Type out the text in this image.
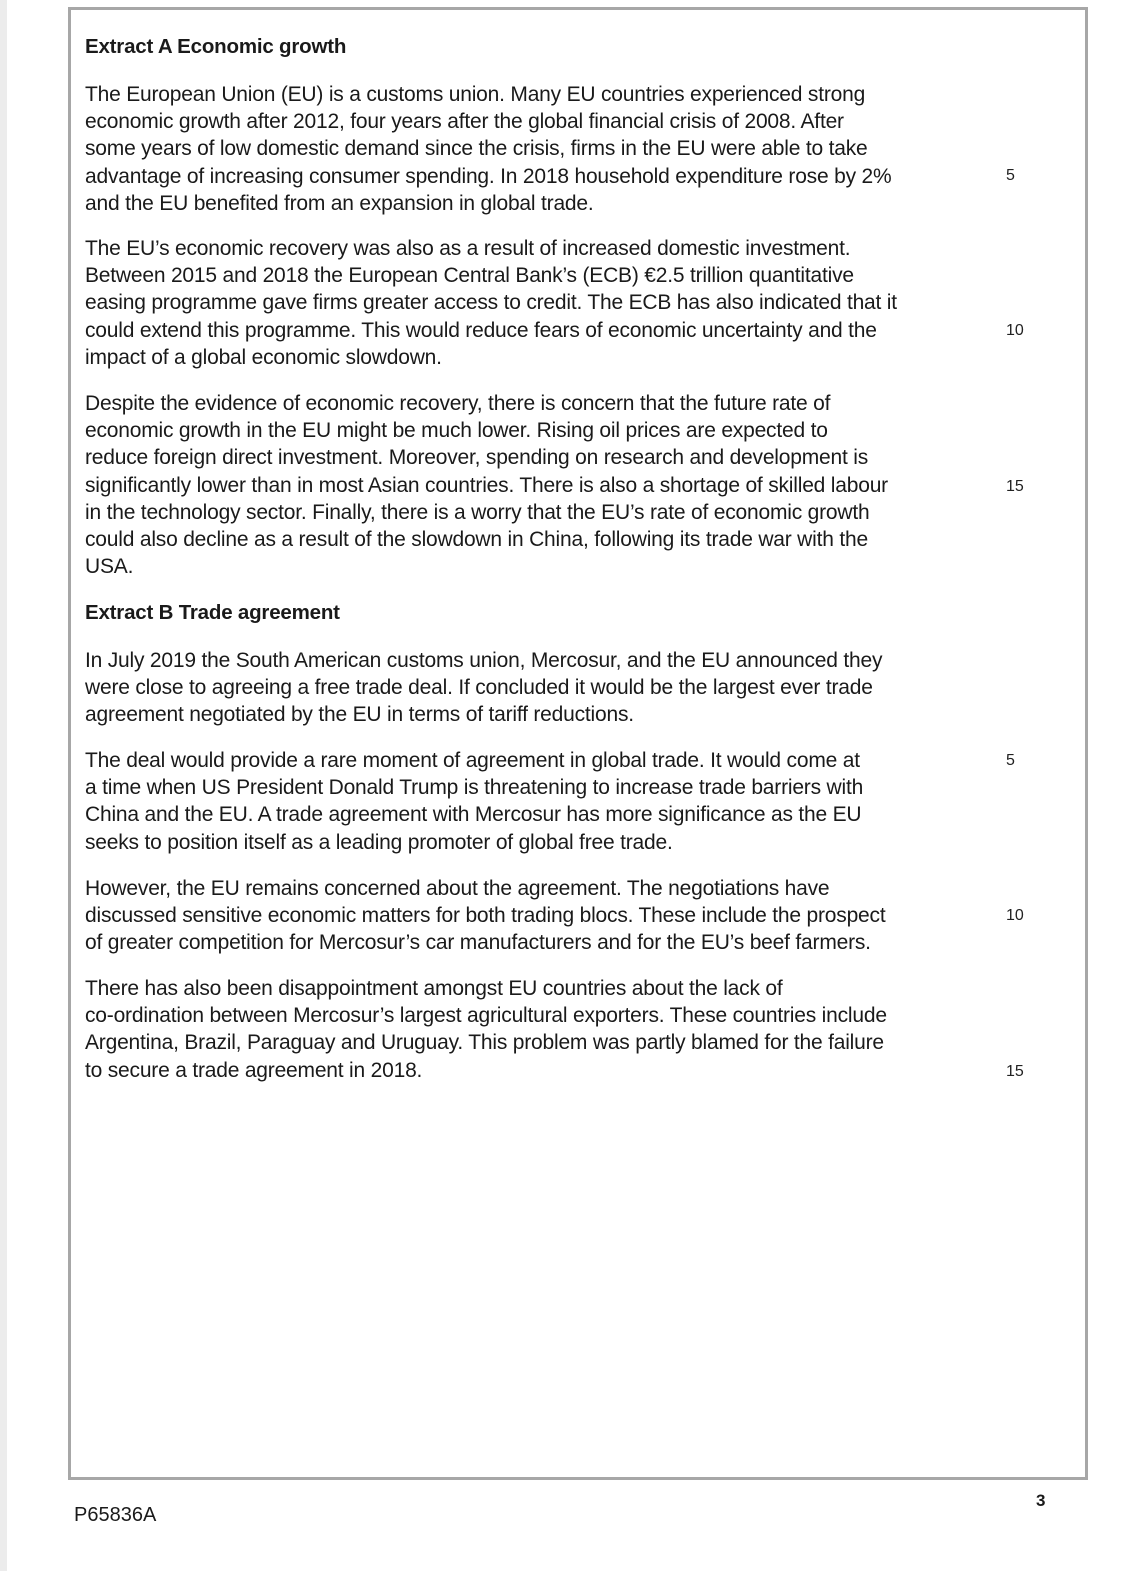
Extract A Economic growth

The European Union (EU) is a customs union. Many EU countries experienced strong
economic growth after 2012, four years after the global financial crisis of 2008. After
some years of low domestic demand since the crisis, firms in the EU were able to take
advantage of increasing consumer spending. In 2018 household expenditure rose by 2%
and the EU benefited from an expansion in global trade.

The EU’s economic recovery was also as a result of increased domestic investment.
Between 2015 and 2018 the European Central Bank’s (ECB) €2.5 trillion quantitative
easing programme gave firms greater access to credit. The ECB has also indicated that it
could extend this programme. This would reduce fears of economic uncertainty and the
impact of a global economic slowdown.

Despite the evidence of economic recovery, there is concern that the future rate of
economic growth in the EU might be much lower. Rising oil prices are expected to
reduce foreign direct investment. Moreover, spending on research and development is
significantly lower than in most Asian countries. There is also a shortage of skilled labour
in the technology sector. Finally, there is a worry that the EU’s rate of economic growth
could also decline as a result of the slowdown in China, following its trade war with the
USA.

5
10
15
Extract B Trade agreement

In July 2019 the South American customs union, Mercosur, and the EU announced they
were close to agreeing a free trade deal. If concluded it would be the largest ever trade
agreement negotiated by the EU in terms of tariff reductions.

The deal would provide a rare moment of agreement in global trade. It would come at
a time when US President Donald Trump is threatening to increase trade barriers with
China and the EU. A trade agreement with Mercosur has more significance as the EU
seeks to position itself as a leading promoter of global free trade.

However, the EU remains concerned about the agreement. The negotiations have
discussed sensitive economic matters for both trading blocs. These include the prospect
of greater competition for Mercosur’s car manufacturers and for the EU’s beef farmers.

There has also been disappointment amongst EU countries about the lack of
co-ordination between Mercosur’s largest agricultural exporters. These countries include
Argentina, Brazil, Paraguay and Uruguay. This problem was partly blamed for the failure
to secure a trade agreement in 2018.

5
10
15
P65836A
3
